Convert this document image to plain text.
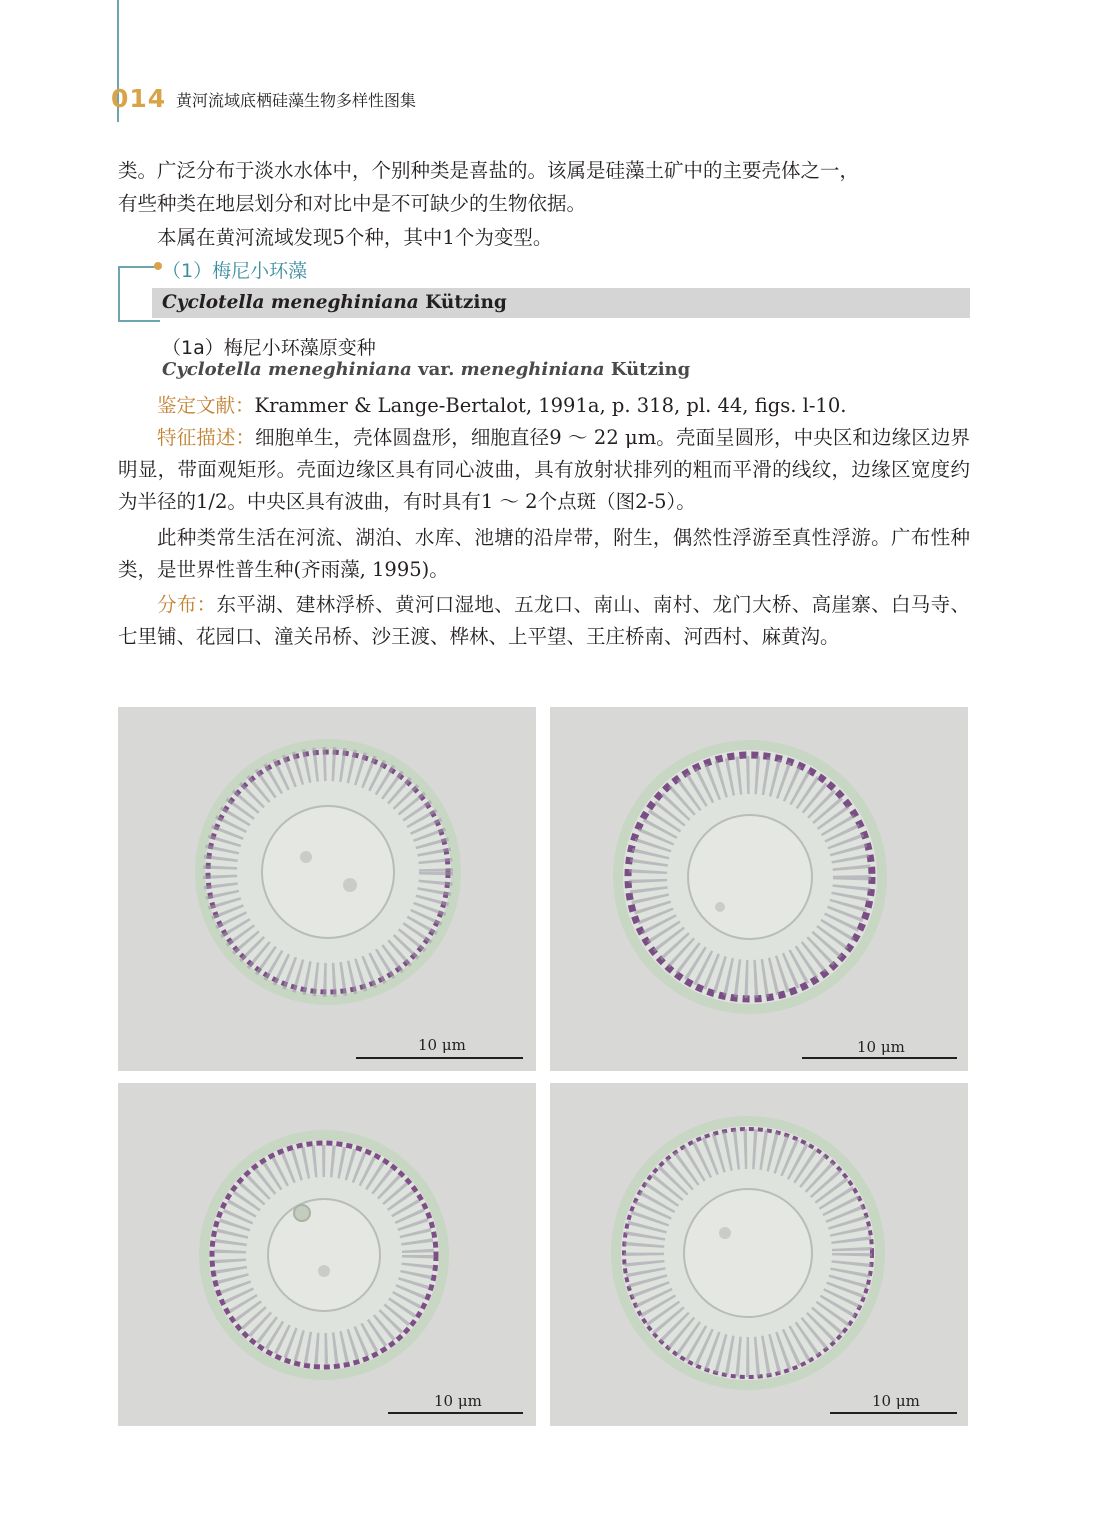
014 黄河流域底栖硅藻生物多样性图集

类。广泛分布于淡水水体中，个别种类是喜盐的。该属是硅藻土矿中的主要壳体之一，

有些种类在地层划分和对比中是不可缺少的生物依据。

本属在黄河流域发现5个种，其中1个为变型。

（1）梅尼小环藻
Cyclotella meneghiniana Kützing
（1a）梅尼小环藻原变种
Cyclotella meneghiniana var. meneghiniana Kützing

鉴定文献：Krammer & Lange-Bertalot, 1991a, p. 318, pl. 44, figs. l-10.

特征描述：细胞单生，壳体圆盘形，细胞直径9 ～ 22 μm。壳面呈圆形，中央区和边缘区边界明显，带面观矩形。壳面边缘区具有同心波曲，具有放射状排列的粗而平滑的线纹，边缘区宽度约为半径的1/2。中央区具有波曲，有时具有1 ～ 2个点斑（图2-5）。

此种类常生活在河流、湖泊、水库、池塘的沿岸带，附生，偶然性浮游至真性浮游。广布性种类，是世界性普生种(齐雨藻, 1995)。

分布：东平湖、建林浮桥、黄河口湿地、五龙口、南山、南村、龙门大桥、高崖寨、白马寺、七里铺、花园口、潼关吊桥、沙王渡、桦林、上平望、王庄桥南、河西村、麻黄沟。

10 μm	10 μm
10 μm	10 μm
